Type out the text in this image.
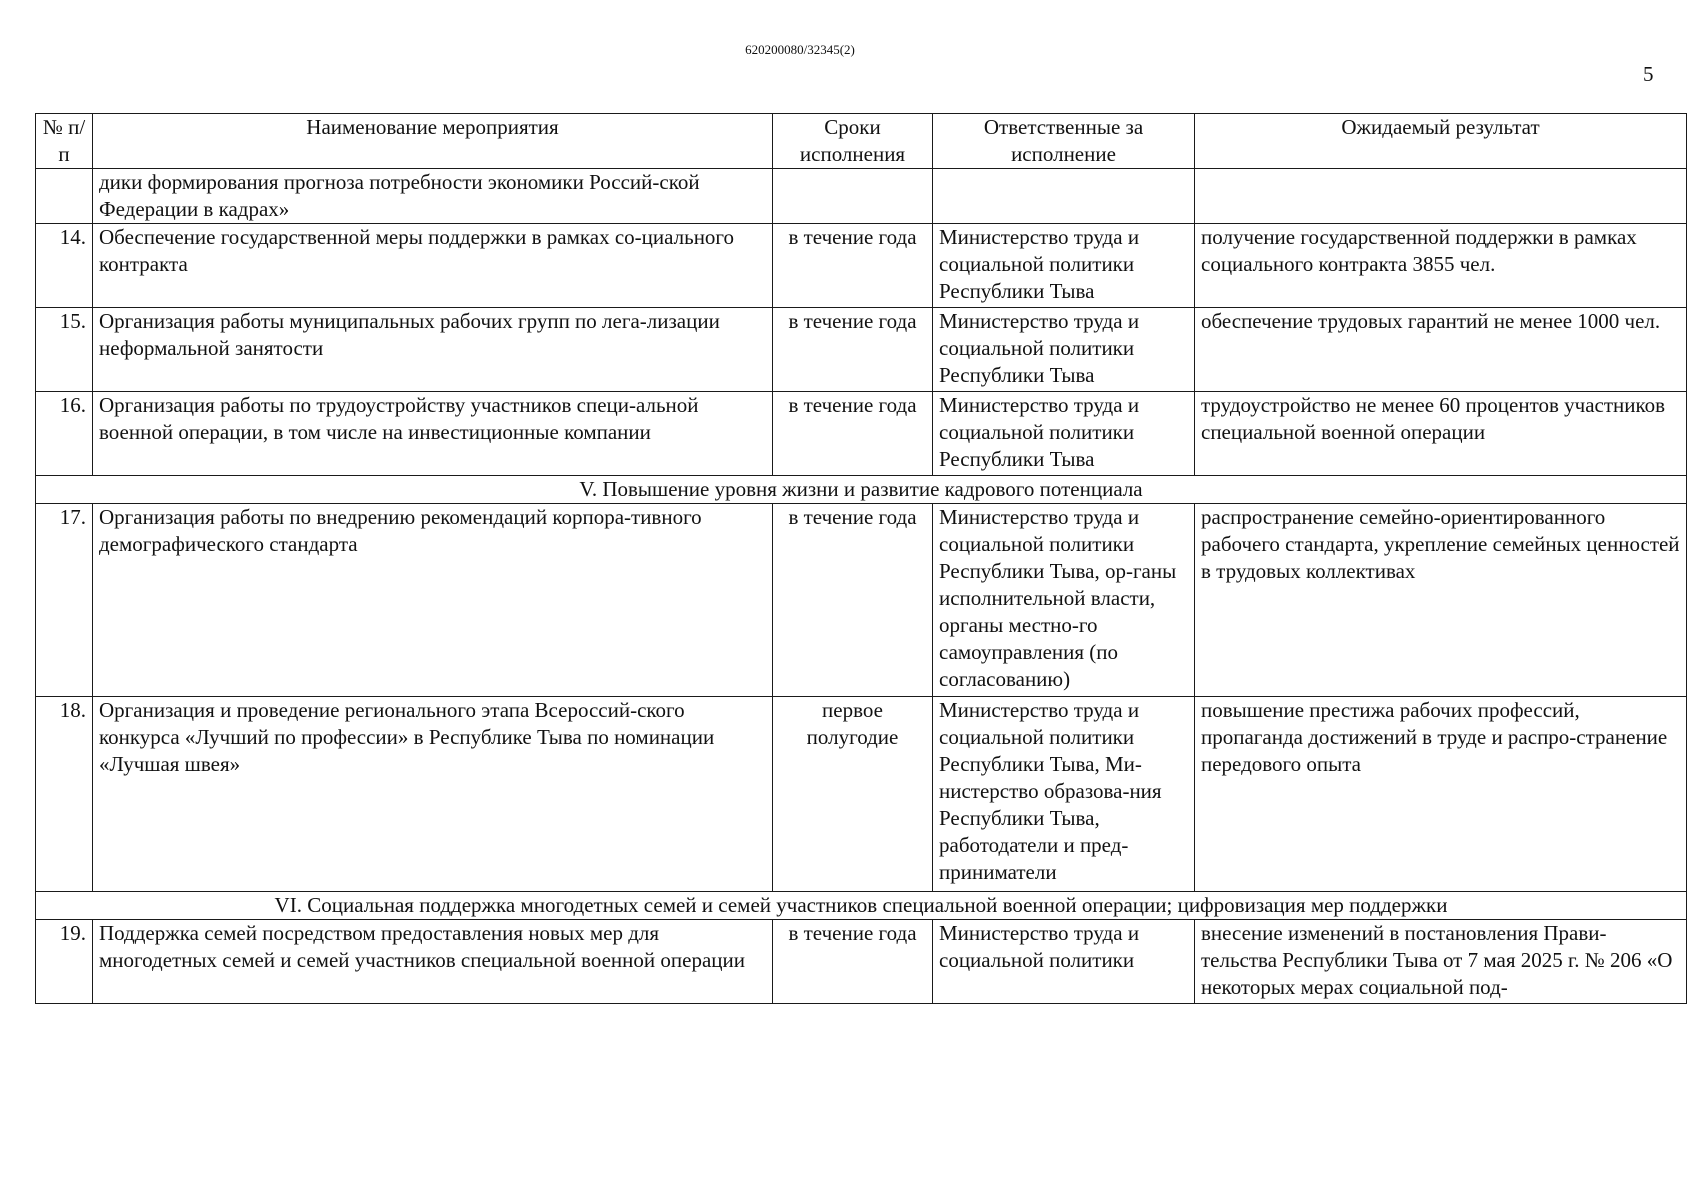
620200080/32345(2)
5
№ п/п	Наименование мероприятия	Сроки исполнения	Ответственные за исполнение	Ожидаемый результат
	дики формирования прогноза потребности экономики Россий-ской Федерации в кадрах»			
14.	Обеспечение государственной меры поддержки в рамках со-циального контракта	в течение года	Министерство труда и социальной политики Республики Тыва	получение государственной поддержки в рамках социального контракта 3855 чел.
15.	Организация работы муниципальных рабочих групп по лега-лизации неформальной занятости	в течение года	Министерство труда и социальной политики Республики Тыва	обеспечение трудовых гарантий не менее 1000 чел.
16.	Организация работы по трудоустройству участников специ-альной военной операции, в том числе на инвестиционные компании	в течение года	Министерство труда и социальной политики Республики Тыва	трудоустройство не менее 60 процентов участников специальной военной операции
V. Повышение уровня жизни и развитие кадрового потенциала				
17.	Организация работы по внедрению рекомендаций корпора-тивного демографического стандарта	в течение года	Министерство труда и социальной политики Республики Тыва, ор-ганы исполнительной власти, органы местно-го самоуправления (по согласованию)	распространение семейно-ориентированного рабочего стандарта, укрепление семейных ценностей в трудовых коллективах
18.	Организация и проведение регионального этапа Всероссий-ского конкурса «Лучший по профессии» в Республике Тыва по номинации «Лучшая швея»	первое полугодие	Министерство труда и социальной политики Республики Тыва, Ми-нистерство образова-ния Республики Тыва, работодатели и пред-приниматели	повышение престижа рабочих профессий, пропаганда достижений в труде и распро-странение передового опыта
VI. Социальная поддержка многодетных семей и семей участников специальной военной операции; цифровизация мер поддержки				
19.	Поддержка семей посредством предоставления новых мер для многодетных семей и семей участников специальной военной операции	в течение года	Министерство труда и социальной политики	внесение изменений в постановления Прави-тельства Республики Тыва от 7 мая 2025 г. № 206 «О некоторых мерах социальной под-
